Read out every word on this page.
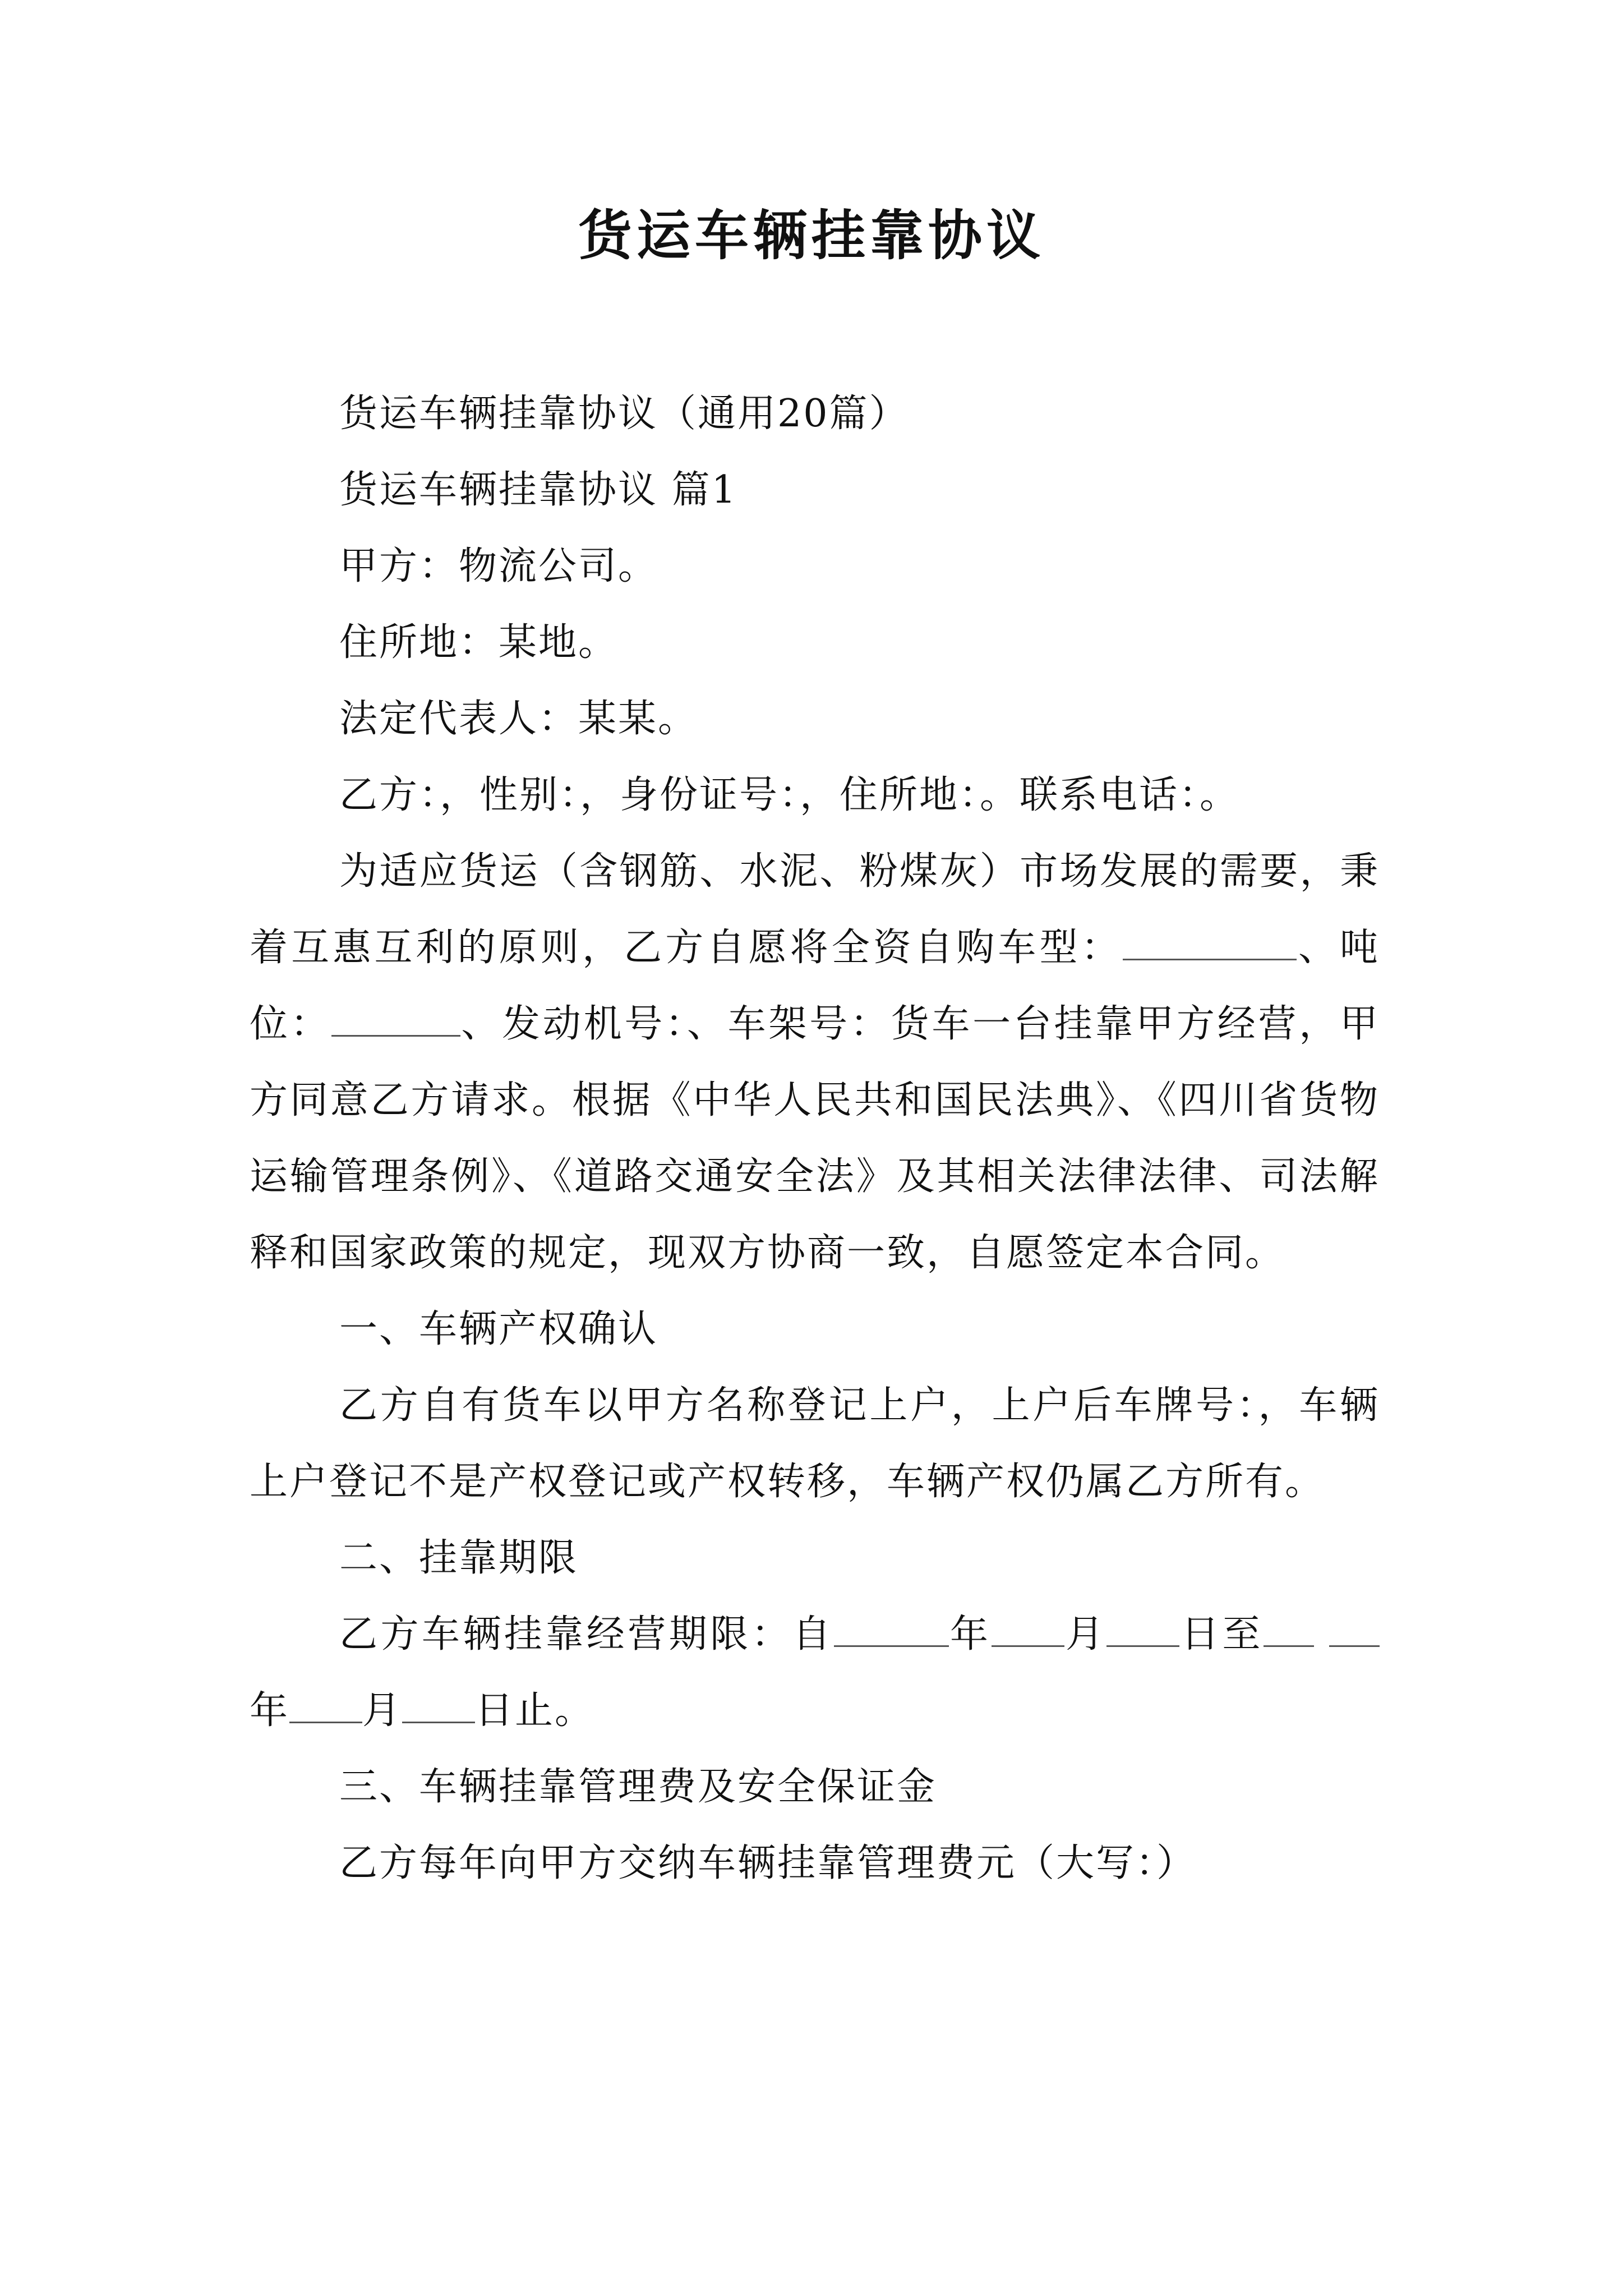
货运车辆挂靠协议

货运车辆挂靠协议（通用20篇）

货运车辆挂靠协议 篇1

甲方：物流公司。

住所地：某地。

法定代表人：某某。

乙方：，性别：，身份证号：，住所地：。联系电话：。

为适应货运（含钢筋、水泥、粉煤灰）市场发展的需要，秉着互惠互利的原则，乙方自愿将全资自购车型：	、吨位：	、发动机号：、车架号：货车一台挂靠甲方经营，甲方同意乙方请求。根据《中华人民共和国民法典》、《四川省货物运输管理条例》、《道路交通安全法》及其相关法律法律、司法解释和国家政策的规定，现双方协商一致，自愿签定本合同。

一、车辆产权确认

乙方自有货车以甲方名称登记上户，上户后车牌号：，车辆上户登记不是产权登记或产权转移，车辆产权仍属乙方所有。

二、挂靠期限

乙方车辆挂靠经营期限：自	年 月 日至 年 月 日止。

三、车辆挂靠管理费及安全保证金

乙方每年向甲方交纳车辆挂靠管理费元（大写：）
